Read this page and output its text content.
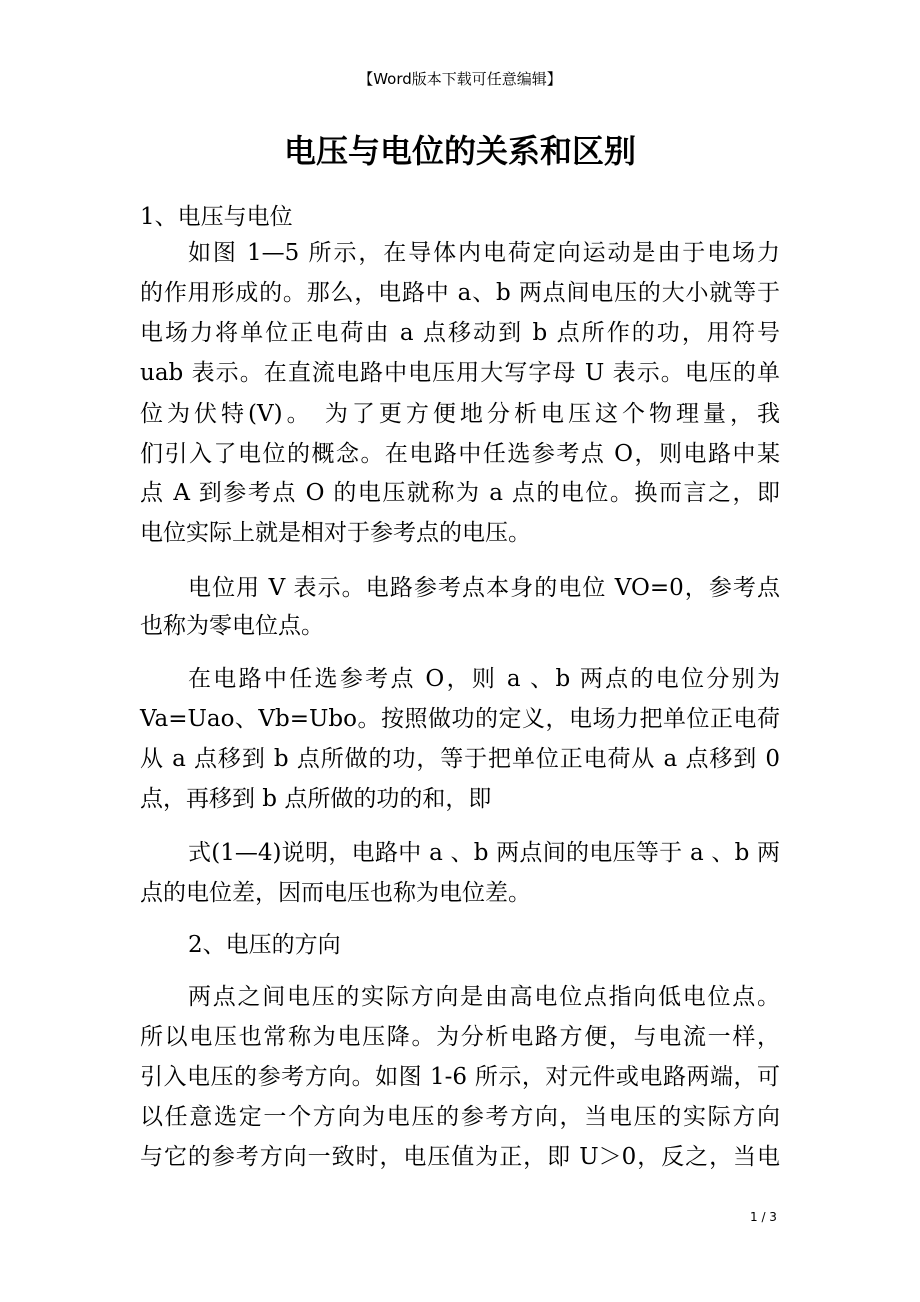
【Word版本下载可任意编辑】
电压与电位的关系和区别
1、电压与电位
如图 1—5 所示，在导体内电荷定向运动是由于电场力
的作用形成的。那么，电路中 a、b 两点间电压的大小就等于
电场力将单位正电荷由 a 点移动到 b 点所作的功，用符号
uab 表示。在直流电路中电压用大写字母 U 表示。电压的单
位为伏特(V)。 为了更方便地分析电压这个物理量，我
们引入了电位的概念。在电路中任选参考点 O，则电路中某
点 A 到参考点 O 的电压就称为 a 点的电位。换而言之，即
电位实际上就是相对于参考点的电压。
电位用 V 表示。电路参考点本身的电位 VO=0，参考点
也称为零电位点。
在电路中任选参考点 O，则 a 、b 两点的电位分别为
Va=Uao、Vb=Ubo。按照做功的定义，电场力把单位正电荷
从 a 点移到 b 点所做的功，等于把单位正电荷从 a 点移到 0
点，再移到 b 点所做的功的和，即
式(1—4)说明，电路中 a 、b 两点间的电压等于 a 、b 两
点的电位差，因而电压也称为电位差。
2、电压的方向
两点之间电压的实际方向是由高电位点指向低电位点。
所以电压也常称为电压降。为分析电路方便，与电流一样，
引入电压的参考方向。如图 1-6 所示，对元件或电路两端，可
以任意选定一个方向为电压的参考方向，当电压的实际方向
与它的参考方向一致时，电压值为正，即 U＞0，反之，当电
1 / 3
